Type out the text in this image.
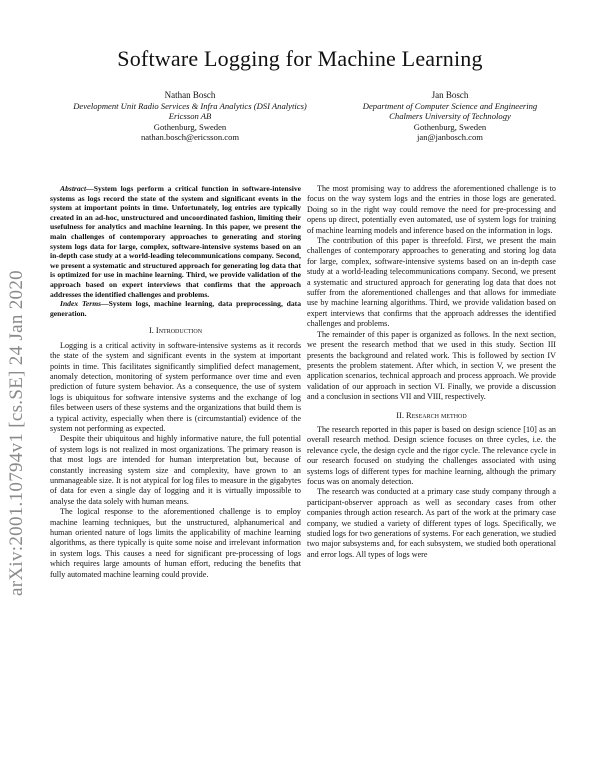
Software Logging for Machine Learning
Nathan Bosch
Development Unit Radio Services & Infra Analytics (DSI Analytics)
Ericsson AB
Gothenburg, Sweden
nathan.bosch@ericsson.com
Jan Bosch
Department of Computer Science and Engineering
Chalmers University of Technology
Gothenburg, Sweden
jan@janbosch.com
arXiv:2001.10794v1 [cs.SE] 24 Jan 2020

Abstract—System logs perform a critical function in software-intensive systems as logs record the state of the system and significant events in the system at important points in time. Unfortunately, log entries are typically created in an ad-hoc, unstructured and uncoordinated fashion, limiting their usefulness for analytics and machine learning. In this paper, we present the main challenges of contemporary approaches to generating and storing system logs data for large, complex, software-intensive systems based on an in-depth case study at a world-leading telecommunications company. Second, we present a systematic and structured approach for generating log data that is optimized for use in machine learning. Third, we provide validation of the approach based on expert interviews that confirms that the approach addresses the identified challenges and problems.

Index Terms—System logs, machine learning, data preprocessing, data generation.

I. Introduction

Logging is a critical activity in software-intensive systems as it records the state of the system and significant events in the system at important points in time. This facilitates significantly simplified defect management, anomaly detection, monitoring of system performance over time and even prediction of future system behavior. As a consequence, the use of system logs is ubiquitous for software intensive systems and the exchange of log files between users of these systems and the organizations that build them is a typical activity, especially when there is (circumstantial) evidence of the system not performing as expected.

Despite their ubiquitous and highly informative nature, the full potential of system logs is not realized in most organizations. The primary reason is that most logs are intended for human interpretation but, because of constantly increasing system size and complexity, have grown to an unmanageable size. It is not atypical for log files to measure in the gigabytes of data for even a single day of logging and it is virtually impossible to analyse the data solely with human means.

The logical response to the aforementioned challenge is to employ machine learning techniques, but the unstructured, alphanumerical and human oriented nature of logs limits the applicability of machine learning algorithms, as there typically is quite some noise and irrelevant information in system logs. This causes a need for significant pre-processing of logs which requires large amounts of human effort, reducing the benefits that fully automated machine learning could provide.

The most promising way to address the aforementioned challenge is to focus on the way system logs and the entries in those logs are generated. Doing so in the right way could remove the need for pre-processing and opens up direct, potentially even automated, use of system logs for training of machine learning models and inference based on the information in logs.

The contribution of this paper is threefold. First, we present the main challenges of contemporary approaches to generating and storing log data for large, complex, software-intensive systems based on an in-depth case study at a world-leading telecommunications company. Second, we present a systematic and structured approach for generating log data that does not suffer from the aforementioned challenges and that allows for immediate use by machine learning algorithms. Third, we provide validation based on expert interviews that confirms that the approach addresses the identified challenges and problems.

The remainder of this paper is organized as follows. In the next section, we present the research method that we used in this study. Section III presents the background and related work. This is followed by section IV presents the problem statement. After which, in section V, we present the application scenarios, technical approach and process approach. We provide validation of our approach in section VI. Finally, we provide a discussion and a conclusion in sections VII and VIII, respectively.

II. Research method

The research reported in this paper is based on design science [10] as an overall research method. Design science focuses on three cycles, i.e. the relevance cycle, the design cycle and the rigor cycle. The relevance cycle in our research focused on studying the challenges associated with using systems logs of different types for machine learning, although the primary focus was on anomaly detection.

The research was conducted at a primary case study company through a participant-observer approach as well as secondary cases from other companies through action research. As part of the work at the primary case company, we studied a variety of different types of logs. Specifically, we studied logs for two generations of systems. For each generation, we studied two major subsystems and, for each subsystem, we studied both operational and error logs. All types of logs were
